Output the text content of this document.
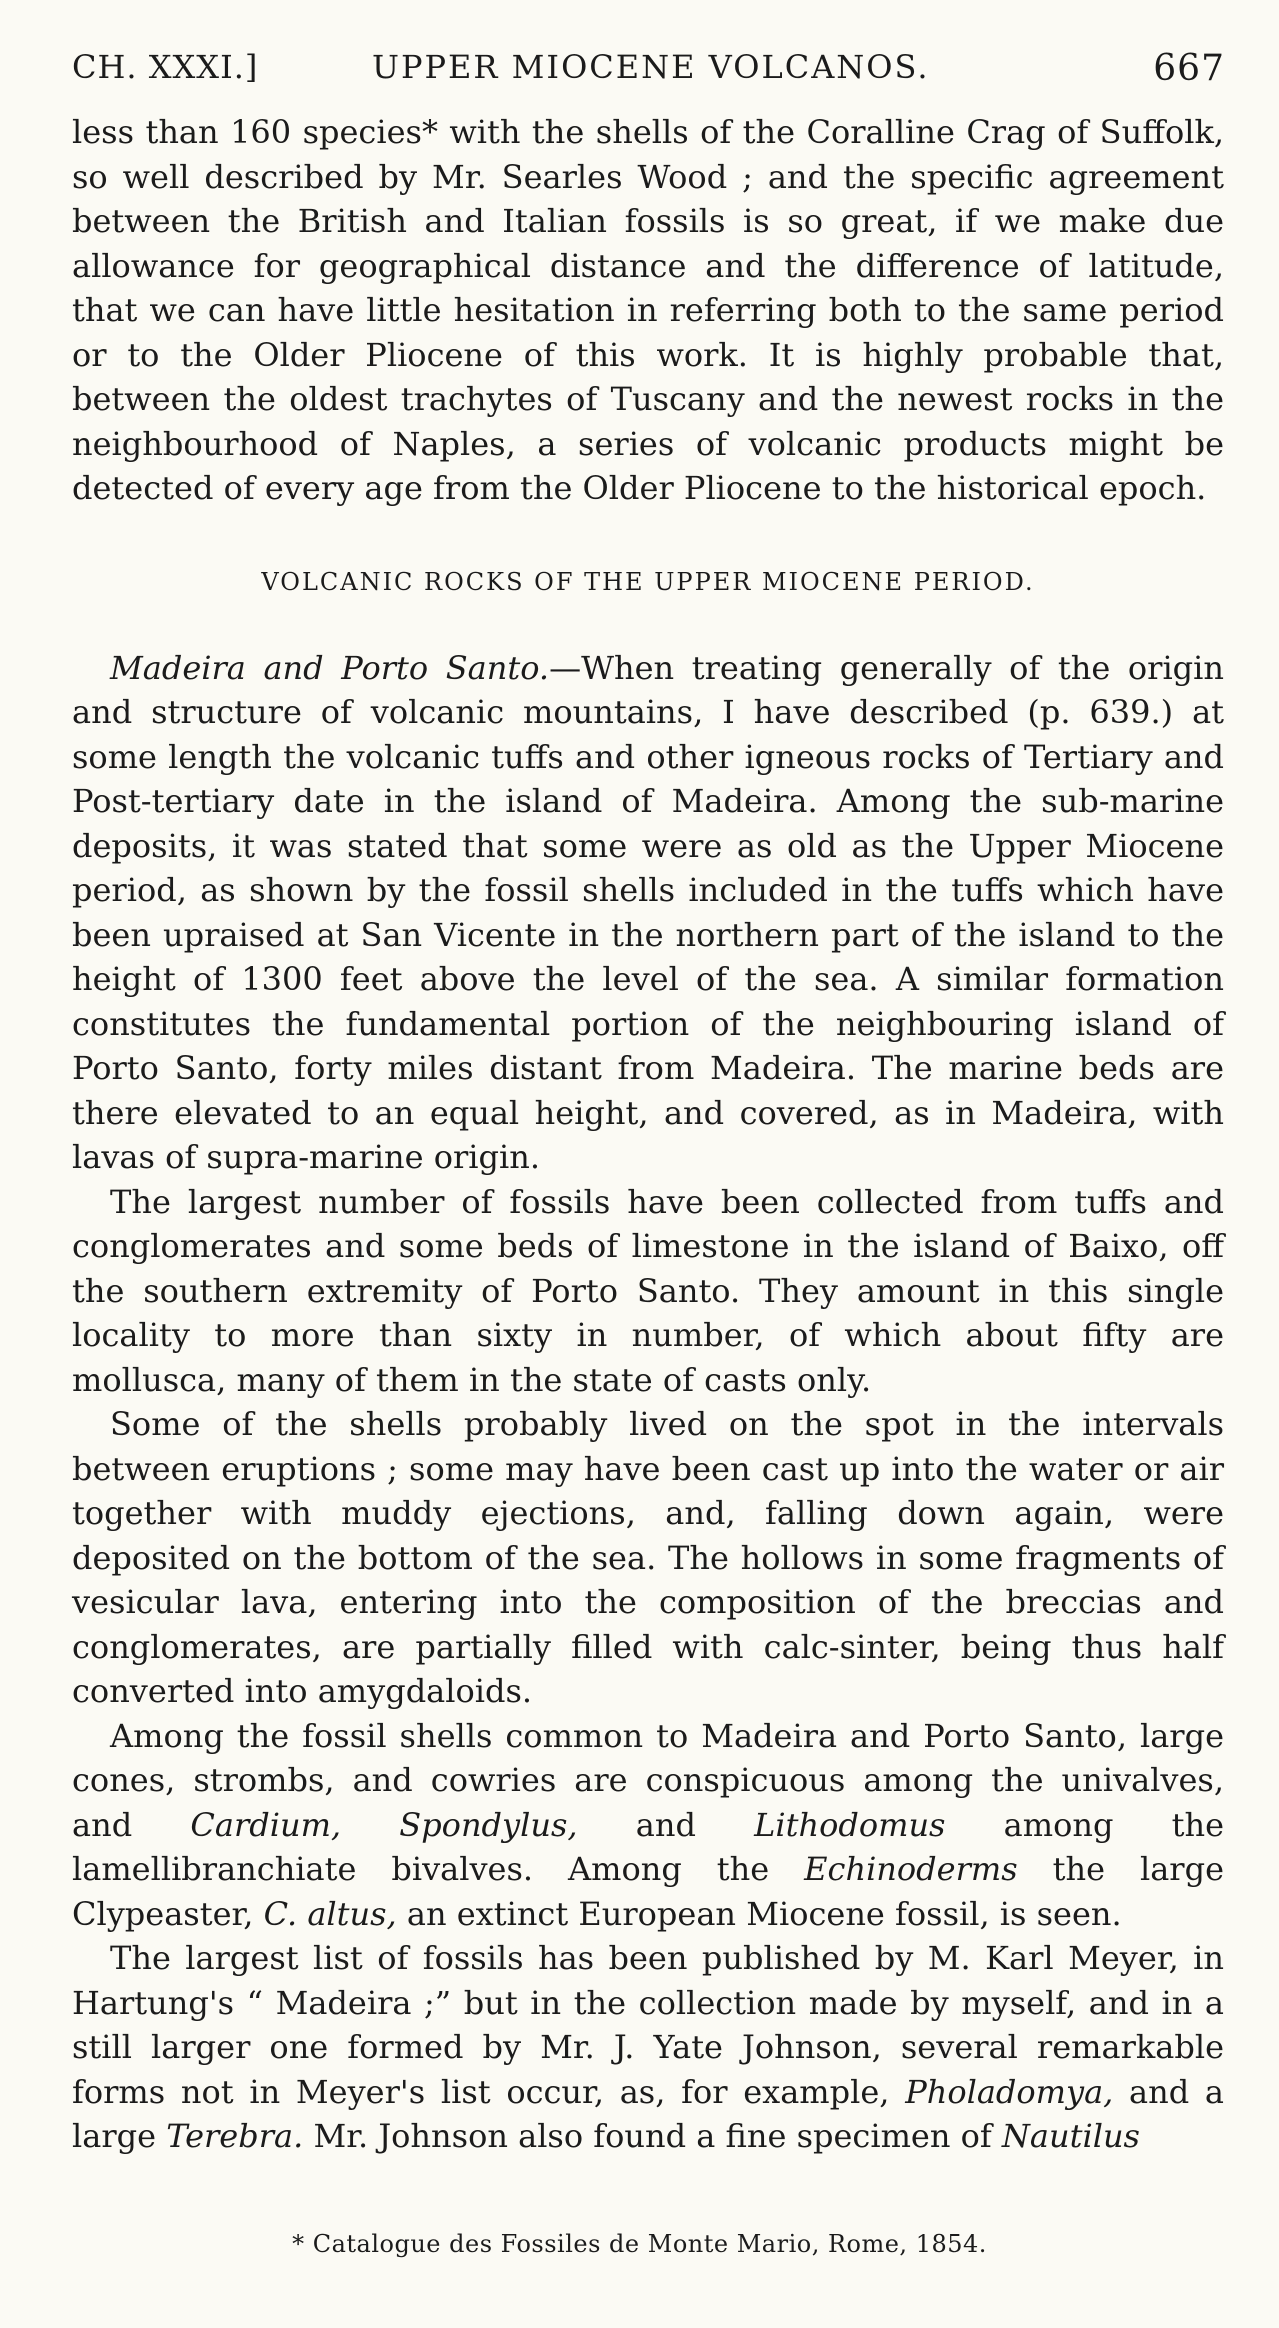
CH. XXXI.]	UPPER MIOCENE VOLCANOS.	667

less than 160 species* with the shells of the Coralline Crag of Suffolk, so well described by Mr. Searles Wood ; and the specific agreement between the British and Italian fossils is so great, if we make due allowance for geographical distance and the difference of latitude, that we can have little hesitation in referring both to the same period or to the Older Pliocene of this work. It is highly probable that, between the oldest trachytes of Tuscany and the newest rocks in the neighbourhood of Naples, a series of volcanic products might be detected of every age from the Older Pliocene to the historical epoch.

VOLCANIC ROCKS OF THE UPPER MIOCENE PERIOD.

Madeira and Porto Santo.—When treating generally of the origin and structure of volcanic mountains, I have described (p. 639.) at some length the volcanic tuffs and other igneous rocks of Tertiary and Post-tertiary date in the island of Madeira. Among the sub-marine deposits, it was stated that some were as old as the Upper Miocene period, as shown by the fossil shells included in the tuffs which have been upraised at San Vicente in the northern part of the island to the height of 1300 feet above the level of the sea. A similar formation constitutes the fundamental portion of the neighbouring island of Porto Santo, forty miles distant from Madeira. The marine beds are there elevated to an equal height, and covered, as in Madeira, with lavas of supra-marine origin.

The largest number of fossils have been collected from tuffs and conglomerates and some beds of limestone in the island of Baixo, off the southern extremity of Porto Santo. They amount in this single locality to more than sixty in number, of which about fifty are mollusca, many of them in the state of casts only.

Some of the shells probably lived on the spot in the intervals between eruptions ; some may have been cast up into the water or air together with muddy ejections, and, falling down again, were deposited on the bottom of the sea. The hollows in some fragments of vesicular lava, entering into the composition of the breccias and conglomerates, are partially filled with calc-sinter, being thus half converted into amygdaloids.

Among the fossil shells common to Madeira and Porto Santo, large cones, strombs, and cowries are conspicuous among the univalves, and Cardium, Spondylus, and Lithodomus among the lamellibranchiate bivalves. Among the Echinoderms the large Clypeaster, C. altus, an extinct European Miocene fossil, is seen.

The largest list of fossils has been published by M. Karl Meyer, in Hartung's “ Madeira ;” but in the collection made by myself, and in a still larger one formed by Mr. J. Yate Johnson, several remarkable forms not in Meyer's list occur, as, for example, Pholadomya, and a large Terebra. Mr. Johnson also found a fine specimen of Nautilus

* Catalogue des Fossiles de Monte Mario, Rome, 1854.
